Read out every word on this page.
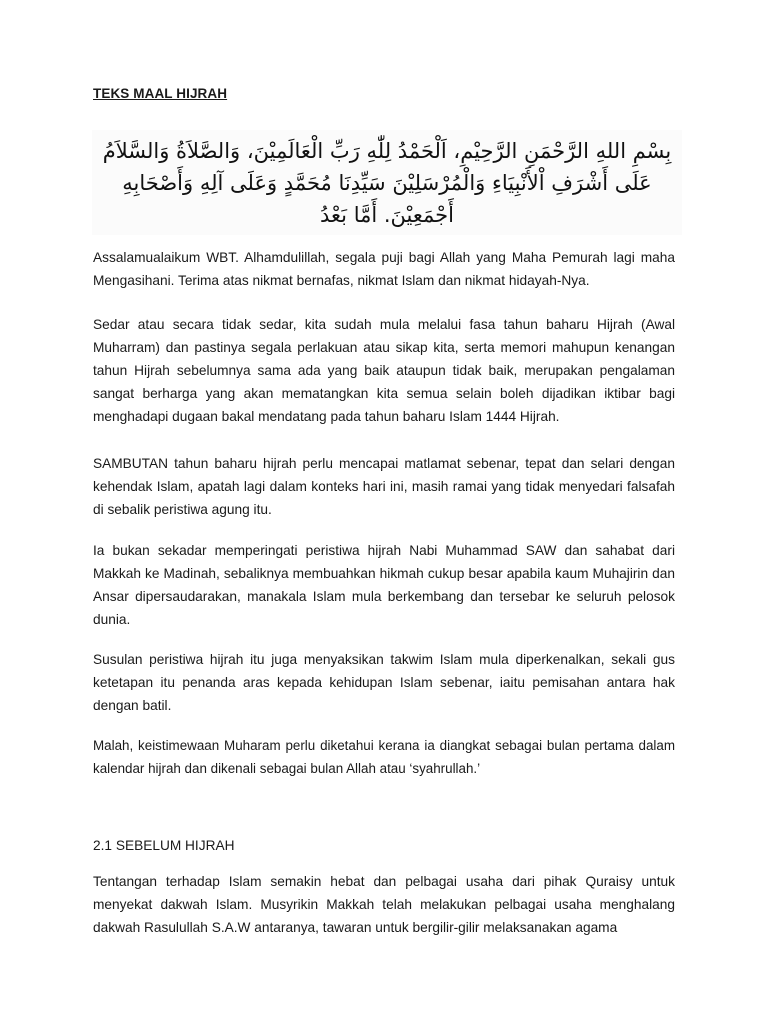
TEKS MAAL HIJRAH
بِسْمِ اللهِ الرَّحْمَنِ الرَّحِيْمِ، اَلْحَمْدُ لِلّٰهِ رَبِّ الْعَالَمِيْنَ، وَالصَّلاَةُ وَالسَّلاَمُ عَلَى أَشْرَفِ اْلأَنْبِيَاءِ وَالْمُرْسَلِيْنَ سَيِّدِنَا مُحَمَّدٍ وَعَلَى آلِهِ وَأَصْحَابِهِ أَجْمَعِيْنَ. أَمَّا بَعْدُ

Assalamualaikum WBT. Alhamdulillah, segala puji bagi Allah yang Maha Pemurah lagi maha Mengasihani. Terima atas nikmat bernafas, nikmat Islam dan nikmat hidayah-Nya.

Sedar atau secara tidak sedar, kita sudah mula melalui fasa tahun baharu Hijrah (Awal Muharram) dan pastinya segala perlakuan atau sikap kita, serta memori mahupun kenangan tahun Hijrah sebelumnya sama ada yang baik ataupun tidak baik, merupakan pengalaman sangat berharga yang akan mematangkan kita semua selain boleh dijadikan iktibar bagi menghadapi dugaan bakal mendatang pada tahun baharu Islam 1444 Hijrah.

SAMBUTAN tahun baharu hijrah perlu mencapai matlamat sebenar, tepat dan selari dengan kehendak Islam, apatah lagi dalam konteks hari ini, masih ramai yang tidak menyedari falsafah di sebalik peristiwa agung itu.

Ia bukan sekadar memperingati peristiwa hijrah Nabi Muhammad SAW dan sahabat dari Makkah ke Madinah, sebaliknya membuahkan hikmah cukup besar apabila kaum Muhajirin dan Ansar dipersaudarakan, manakala Islam mula berkembang dan tersebar ke seluruh pelosok dunia.

Susulan peristiwa hijrah itu juga menyaksikan takwim Islam mula diperkenalkan, sekali gus ketetapan itu penanda aras kepada kehidupan Islam sebenar, iaitu pemisahan antara hak dengan batil.

Malah, keistimewaan Muharam perlu diketahui kerana ia diangkat sebagai bulan pertama dalam kalendar hijrah dan dikenali sebagai bulan Allah atau ‘syahrullah.’

2.1 SEBELUM HIJRAH

Tentangan terhadap Islam semakin hebat dan pelbagai usaha dari pihak Quraisy untuk menyekat dakwah Islam. Musyrikin Makkah telah melakukan pelbagai usaha menghalang dakwah Rasulullah S.A.W antaranya, tawaran untuk bergilir-gilir melaksanakan agama
